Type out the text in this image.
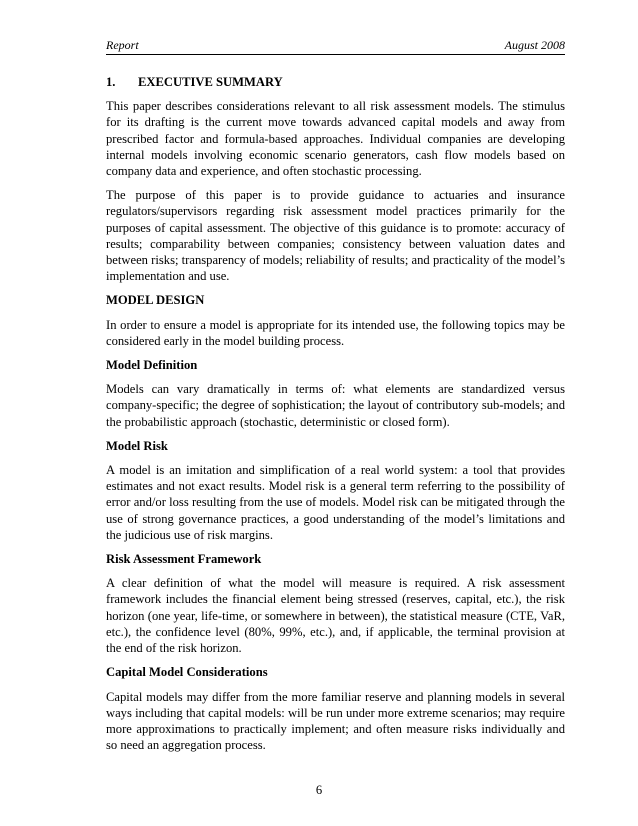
Report	August 2008
1. EXECUTIVE SUMMARY

This paper describes considerations relevant to all risk assessment models. The stimulus for its drafting is the current move towards advanced capital models and away from prescribed factor and formula-based approaches. Individual companies are developing internal models involving economic scenario generators, cash flow models based on company data and experience, and often stochastic processing.

The purpose of this paper is to provide guidance to actuaries and insurance regulators/supervisors regarding risk assessment model practices primarily for the purposes of capital assessment. The objective of this guidance is to promote: accuracy of results; comparability between companies; consistency between valuation dates and between risks; transparency of models; reliability of results; and practicality of the model’s implementation and use.

MODEL DESIGN

In order to ensure a model is appropriate for its intended use, the following topics may be considered early in the model building process.

Model Definition

Models can vary dramatically in terms of: what elements are standardized versus company-specific; the degree of sophistication; the layout of contributory sub-models; and the probabilistic approach (stochastic, deterministic or closed form).

Model Risk

A model is an imitation and simplification of a real world system: a tool that provides estimates and not exact results. Model risk is a general term referring to the possibility of error and/or loss resulting from the use of models. Model risk can be mitigated through the use of strong governance practices, a good understanding of the model’s limitations and the judicious use of risk margins.

Risk Assessment Framework

A clear definition of what the model will measure is required. A risk assessment framework includes the financial element being stressed (reserves, capital, etc.), the risk horizon (one year, life-time, or somewhere in between), the statistical measure (CTE, VaR, etc.), the confidence level (80%, 99%, etc.), and, if applicable, the terminal provision at the end of the risk horizon.

Capital Model Considerations

Capital models may differ from the more familiar reserve and planning models in several ways including that capital models: will be run under more extreme scenarios; may require more approximations to practically implement; and often measure risks individually and so need an aggregation process.

6
